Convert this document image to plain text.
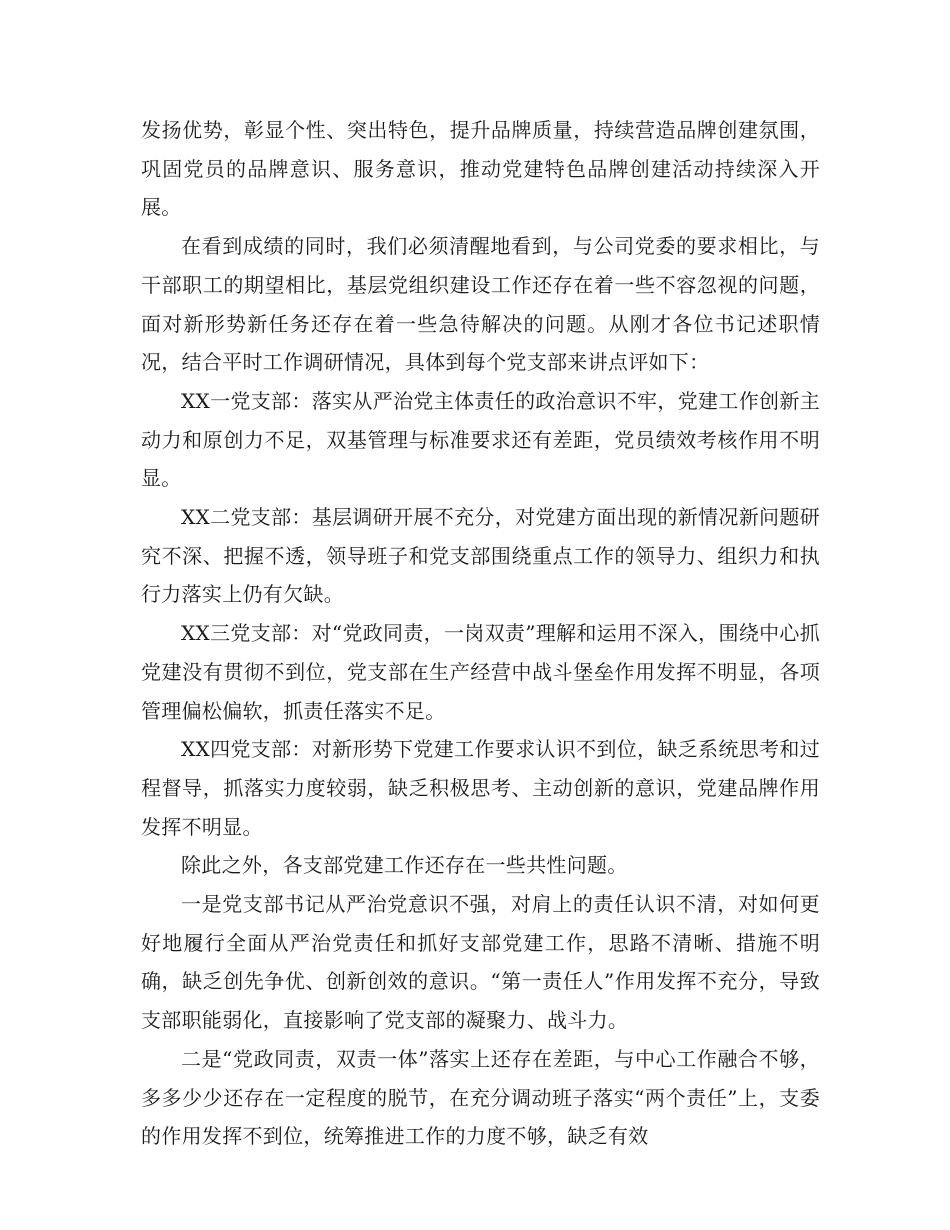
发扬优势，彰显个性、突出特色，提升品牌质量，持续营造品牌创建氛围，巩固党员的品牌意识、服务意识，推动党建特色品牌创建活动持续深入开展。

在看到成绩的同时，我们必须清醒地看到，与公司党委的要求相比，与干部职工的期望相比，基层党组织建设工作还存在着一些不容忽视的问题，面对新形势新任务还存在着一些急待解决的问题。从刚才各位书记述职情况，结合平时工作调研情况，具体到每个党支部来讲点评如下：

XX一党支部：落实从严治党主体责任的政治意识不牢，党建工作创新主动力和原创力不足，双基管理与标准要求还有差距，党员绩效考核作用不明显。

XX二党支部：基层调研开展不充分，对党建方面出现的新情况新问题研究不深、把握不透，领导班子和党支部围绕重点工作的领导力、组织力和执行力落实上仍有欠缺。

XX三党支部：对“党政同责，一岗双责”理解和运用不深入，围绕中心抓党建没有贯彻不到位，党支部在生产经营中战斗堡垒作用发挥不明显，各项管理偏松偏软，抓责任落实不足。

XX四党支部：对新形势下党建工作要求认识不到位，缺乏系统思考和过程督导，抓落实力度较弱，缺乏积极思考、主动创新的意识，党建品牌作用发挥不明显。

除此之外，各支部党建工作还存在一些共性问题。

一是党支部书记从严治党意识不强，对肩上的责任认识不清，对如何更好地履行全面从严治党责任和抓好支部党建工作，思路不清晰、措施不明确，缺乏创先争优、创新创效的意识。“第一责任人”作用发挥不充分，导致支部职能弱化，直接影响了党支部的凝聚力、战斗力。

二是“党政同责，双责一体”落实上还存在差距，与中心工作融合不够，多多少少还存在一定程度的脱节，在充分调动班子落实“两个责任”上，支委的作用发挥不到位，统筹推进工作的力度不够，缺乏有效
